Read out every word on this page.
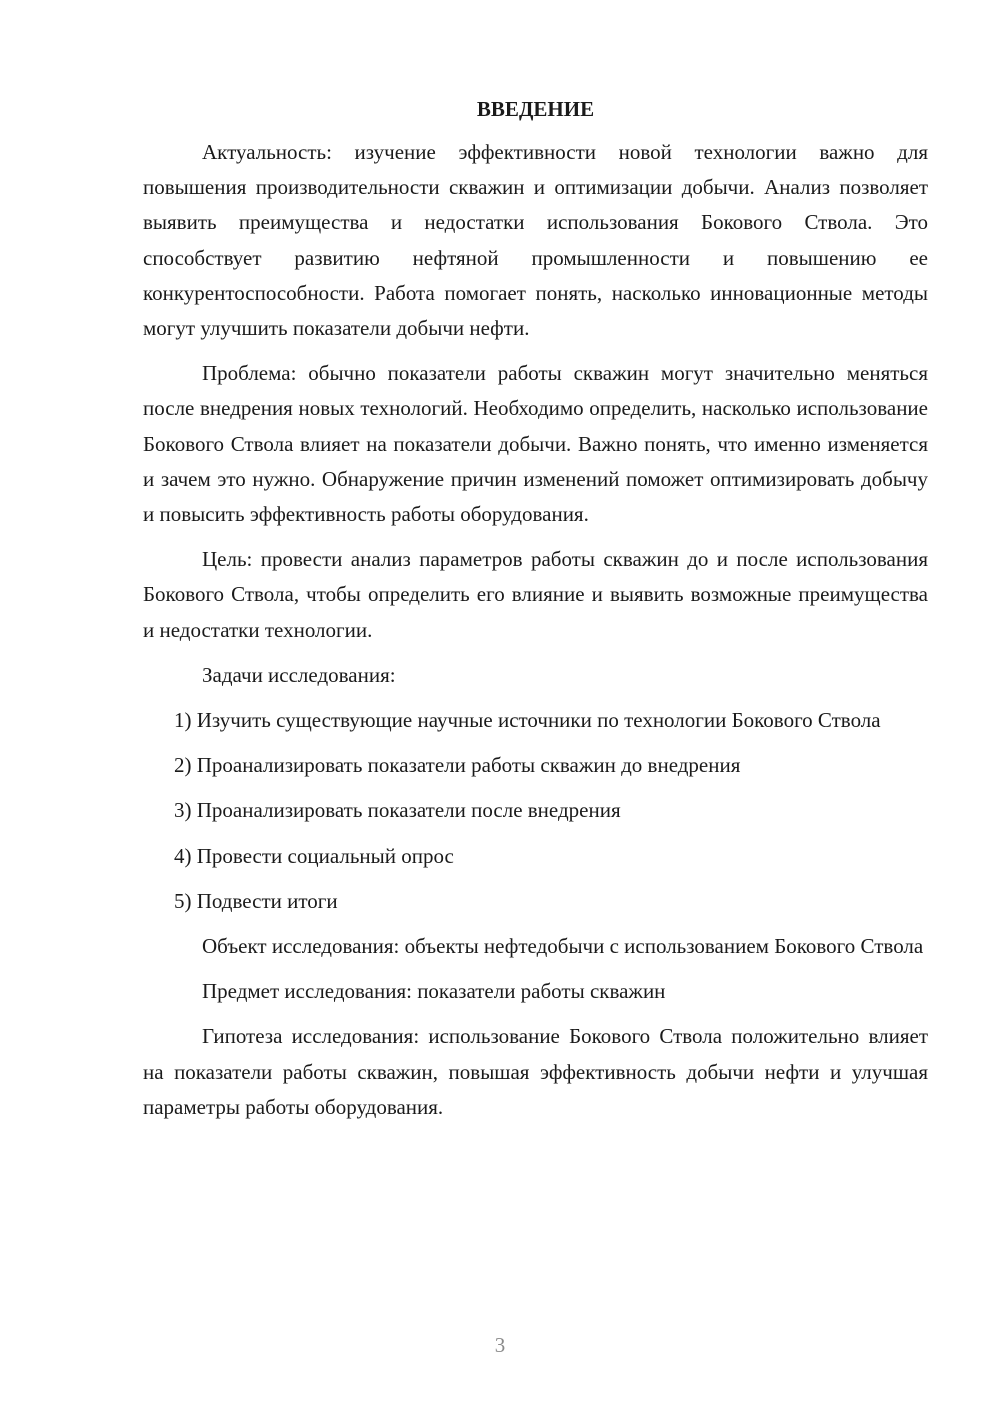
ВВЕДЕНИЕ

Актуальность: изучение эффективности новой технологии важно для повышения производительности скважин и оптимизации добычи. Анализ позволяет выявить преимущества и недостатки использования Бокового Ствола. Это способствует развитию нефтяной промышленности и повышению ее конкурентоспособности. Работа помогает понять, насколько инновационные методы могут улучшить показатели добычи нефти.

Проблема: обычно показатели работы скважин могут значительно меняться после внедрения новых технологий. Необходимо определить, насколько использование Бокового Ствола влияет на показатели добычи. Важно понять, что именно изменяется и зачем это нужно. Обнаружение причин изменений поможет оптимизировать добычу и повысить эффективность работы оборудования.

Цель: провести анализ параметров работы скважин до и после использования Бокового Ствола, чтобы определить его влияние и выявить возможные преимущества и недостатки технологии.

Задачи исследования:

1) Изучить существующие научные источники по технологии Бокового Ствола

2) Проанализировать показатели работы скважин до внедрения

3) Проанализировать показатели после внедрения

4) Провести социальный опрос

5) Подвести итоги

Объект исследования: объекты нефтедобычи с использованием Бокового Ствола

Предмет исследования: показатели работы скважин

Гипотеза исследования: использование Бокового Ствола положительно влияет на показатели работы скважин, повышая эффективность добычи нефти и улучшая параметры работы оборудования.

3
